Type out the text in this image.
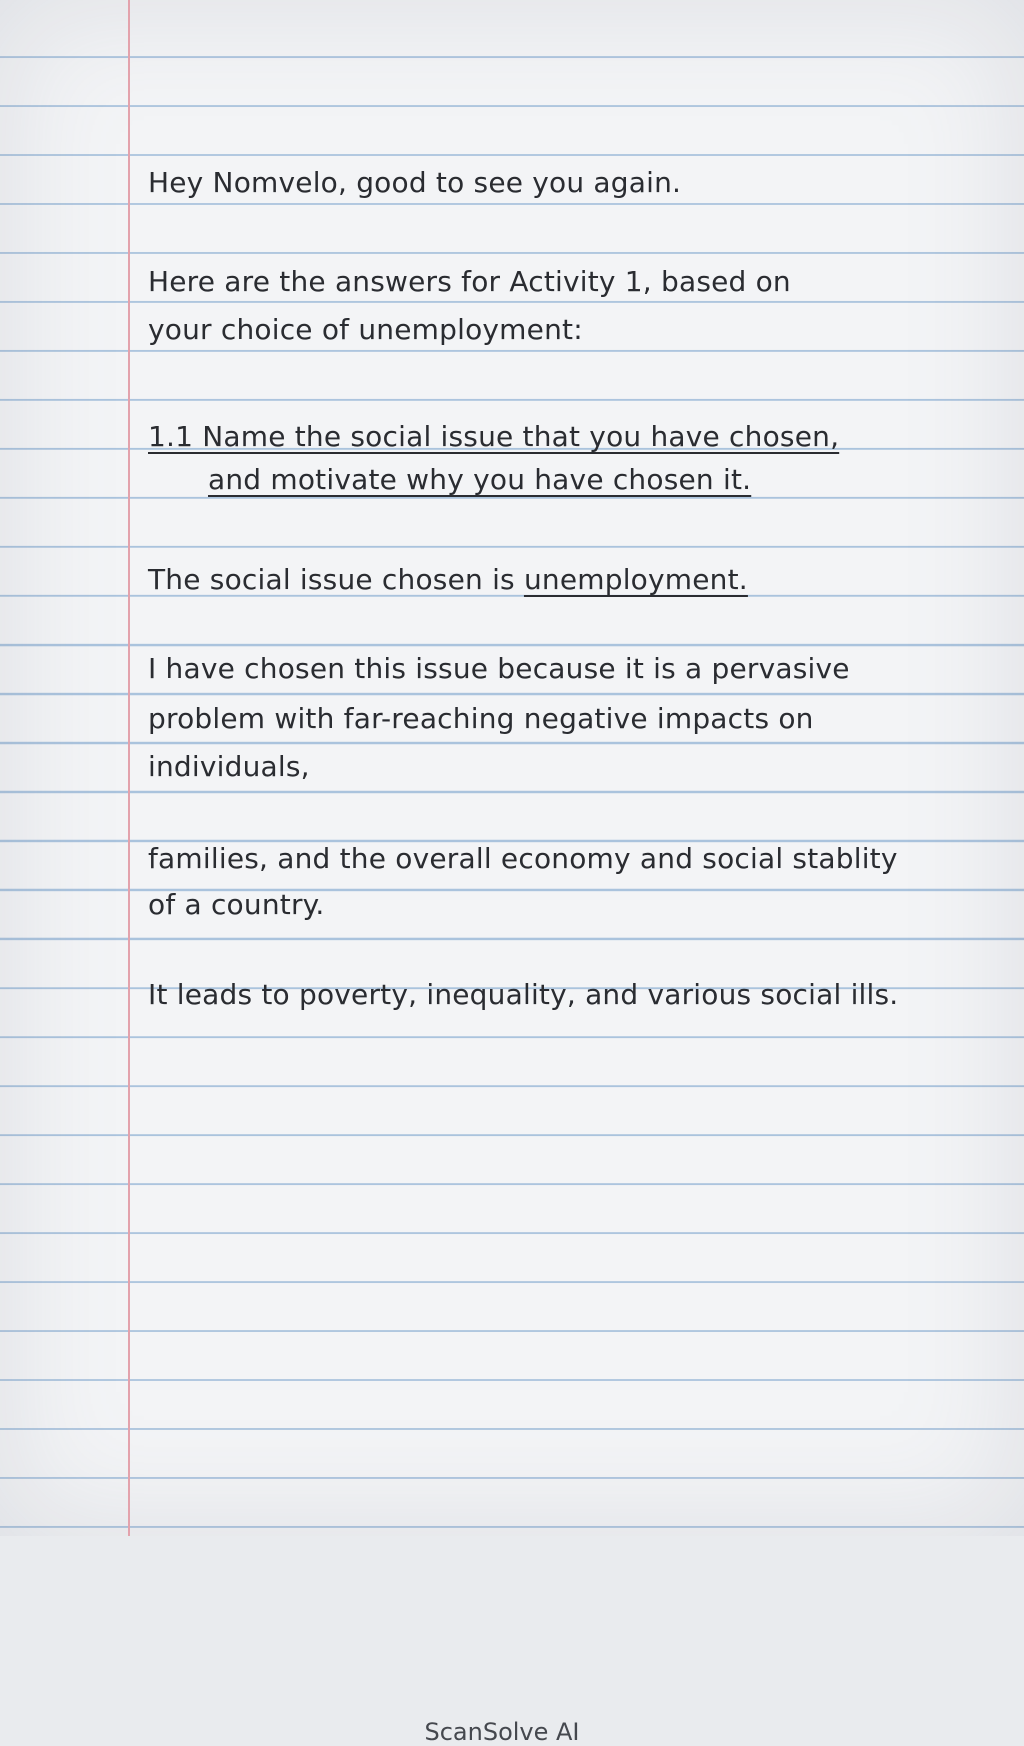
Hey Nomvelo, good to see you again.

Here are the answers for Activity 1, based on

your choice of unemployment:

1.1 Name the social issue that you have chosen,

and motivate why you have chosen it.

The social issue chosen is unemployment.

I have chosen this issue because it is a pervasive

problem with far-reaching negative impacts on

individuals,

families, and the overall economy and social stablity

of a country.

It leads to poverty, inequality, and various social ills.

ScanSolve AI
